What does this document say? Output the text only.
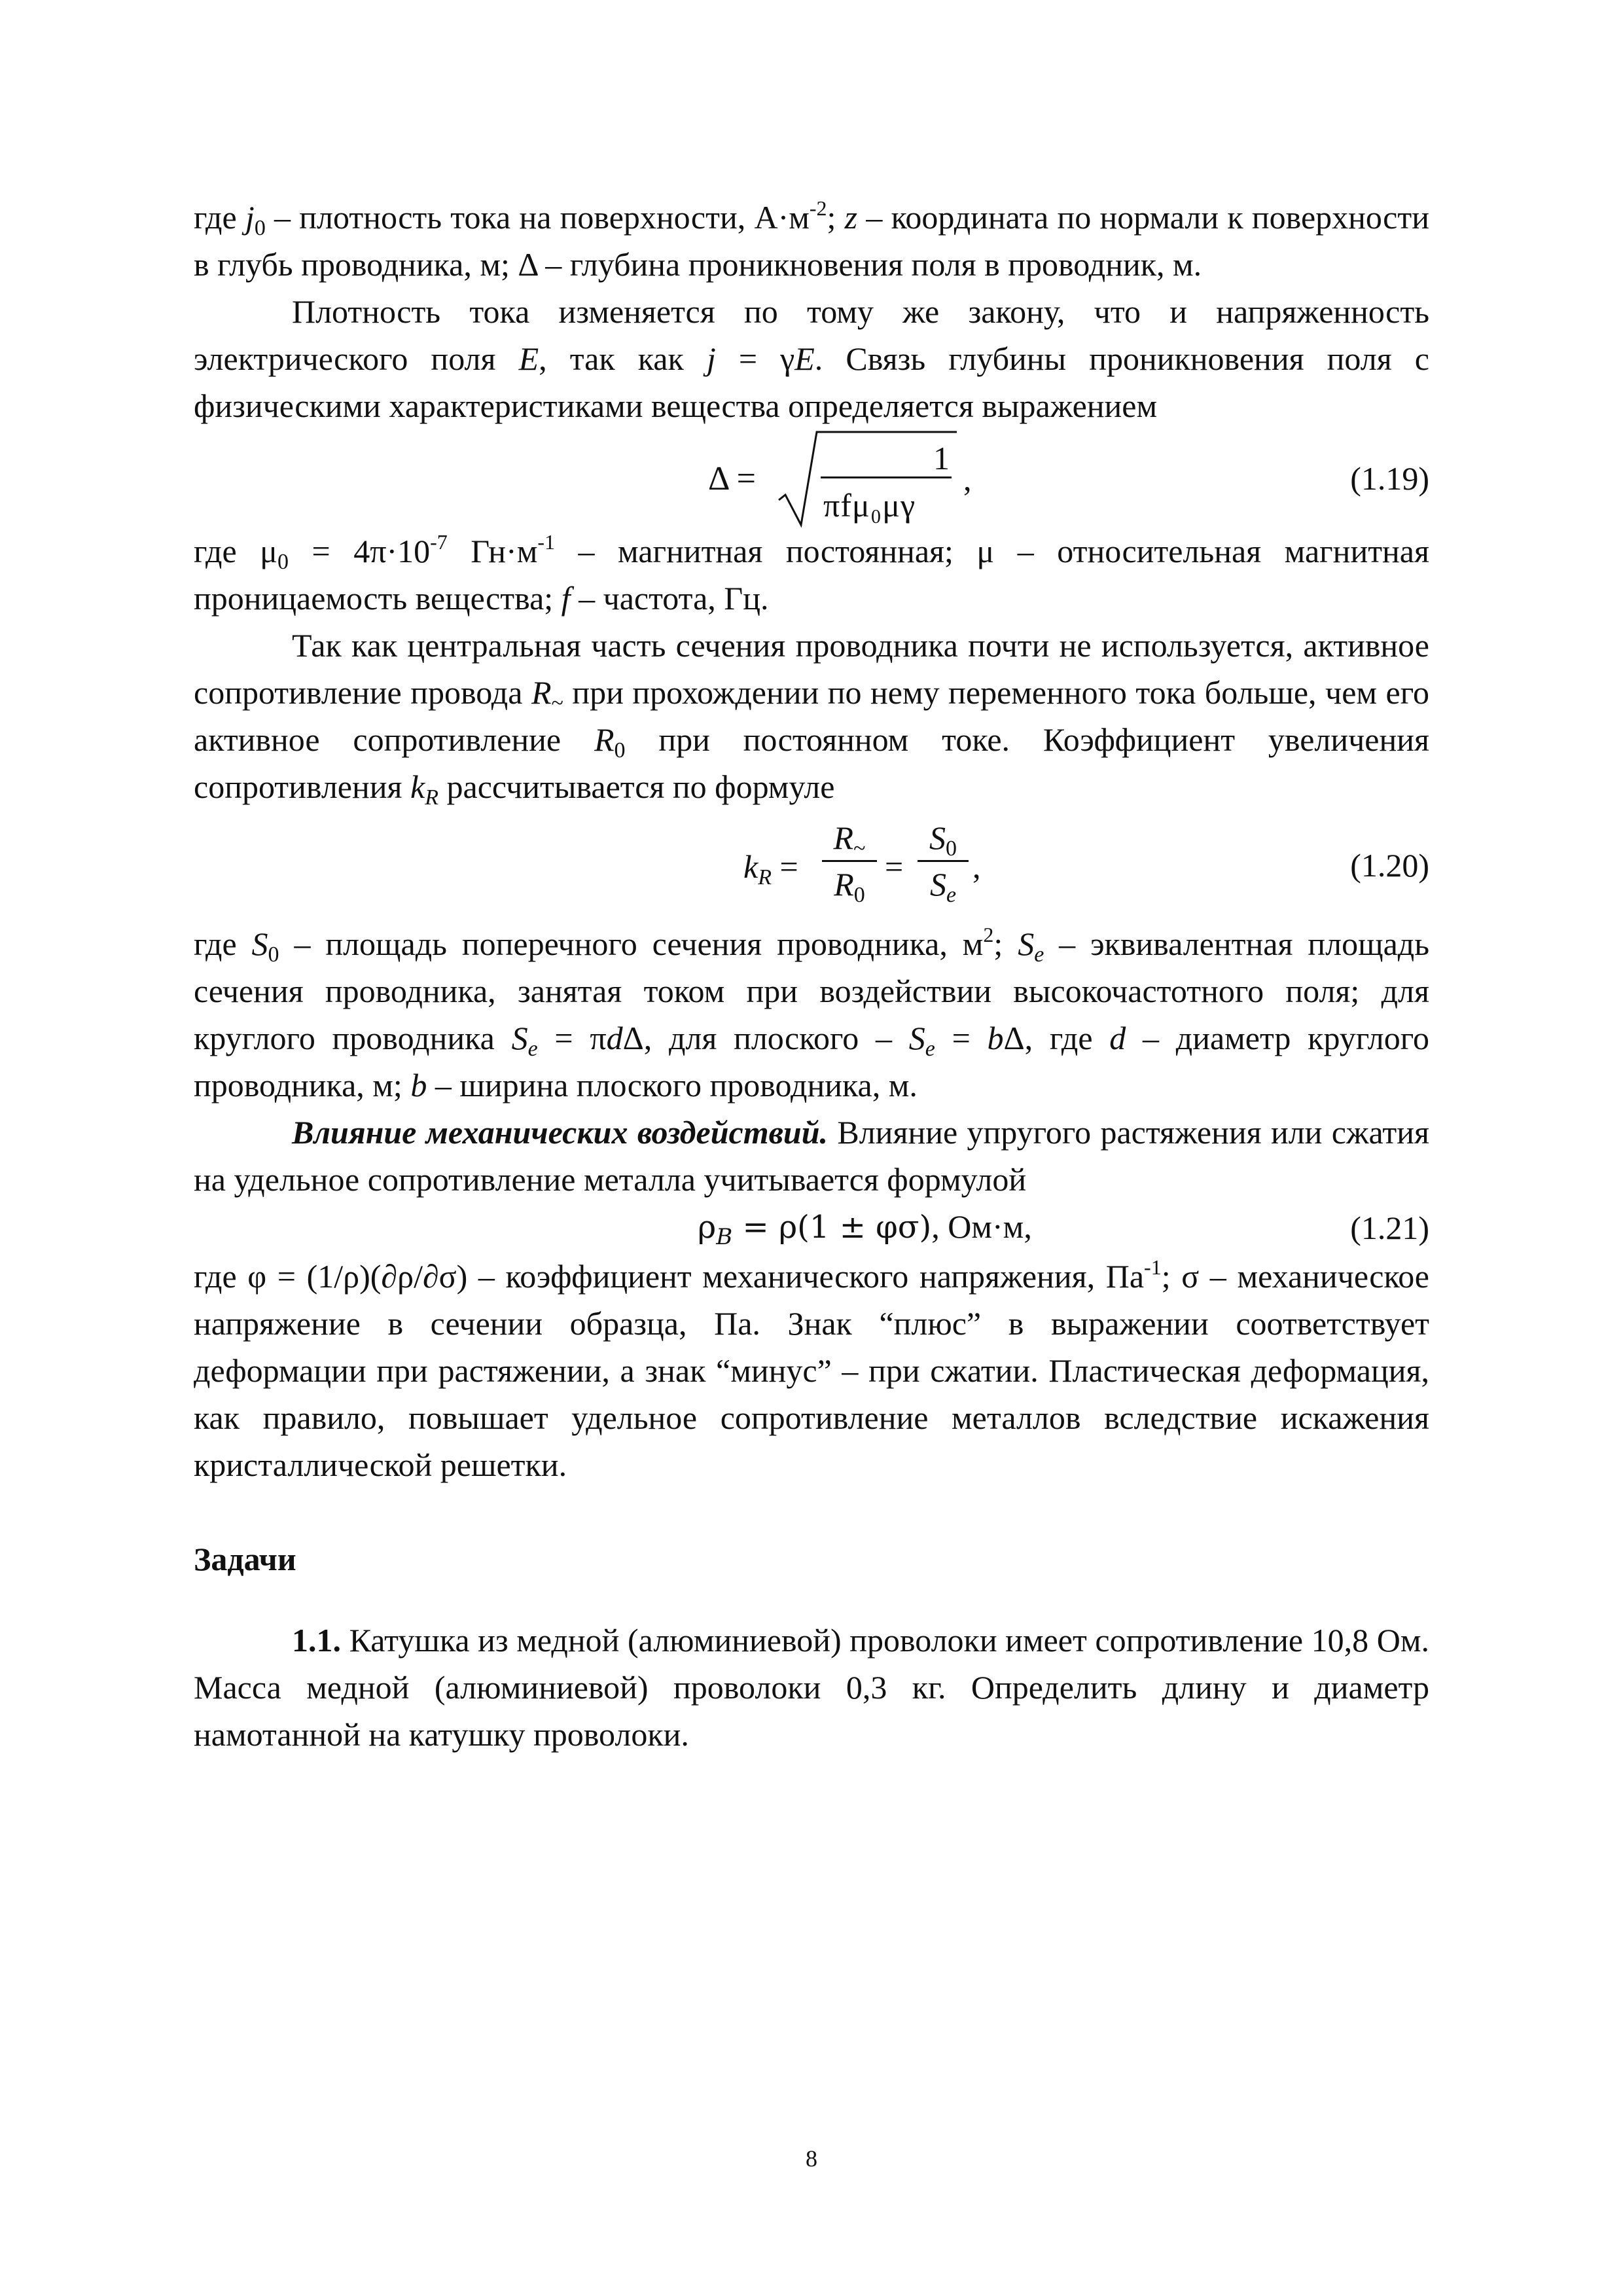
где $j_0$ – плотность тока на поверхности, $А\cdot м^{-2}$; z – координата по нормали к поверхности в глубь проводника, м; Δ – глубина проникновения поля в проводник, м.

Плотность тока изменяется по тому же закону, что и напряженность электрического поля E, так как j = γE. Связь глубины проникновения поля с физическими характеристиками вещества определяется выражением

Δ =
1
πfμ₀μγ
,	(1.19)

где $\mu_0 = 4\pi\cdot 10^{-7}$ $Гн\cdot м^{-1}$ – магнитная постоянная; μ – относительная магнитная проницаемость вещества; f – частота, Гц.

Так как центральная часть сечения проводника почти не используется, активное сопротивление провода $R_\sim$ при прохождении по нему переменного тока больше, чем его активное сопротивление $R_0$ при постоянном токе. Коэффициент увеличения сопротивления $k_R$ рассчитывается по формуле

$k_R$ =
$R_\sim$
$R_0$
=
$S_0$
$S_e$
,	(1.20)

где $S_0$ – площадь поперечного сечения проводника, $м^2$; $S_e$ – эквивалентная площадь сечения проводника, занятая током при воздействии высокочастотного поля; для круглого проводника $S_e = \pi d\Delta$, для плоского – $S_e = b\Delta$, где d – диаметр круглого проводника, м; b – ширина плоского проводника, м.

Влияние механических воздействий. Влияние упругого растяжения или сжатия на удельное сопротивление металла учитывается формулой

$\rho_B = \rho(1 \pm \varphi\sigma)$, Ом·м,	(1.21)

где φ = (1/ρ)(∂ρ/∂σ) – коэффициент механического напряжения, $Па^{-1}$; σ – механическое напряжение в сечении образца, Па. Знак “плюс” в выражении соответствует деформации при растяжении, а знак “минус” – при сжатии. Пластическая деформация, как правило, повышает удельное сопротивление металлов вследствие искажения кристаллической решетки.

Задачи

1.1. Катушка из медной (алюминиевой) проволоки имеет сопротивление 10,8 Ом. Масса медной (алюминиевой) проволоки 0,3 кг. Определить длину и диаметр намотанной на катушку проволоки.

8
